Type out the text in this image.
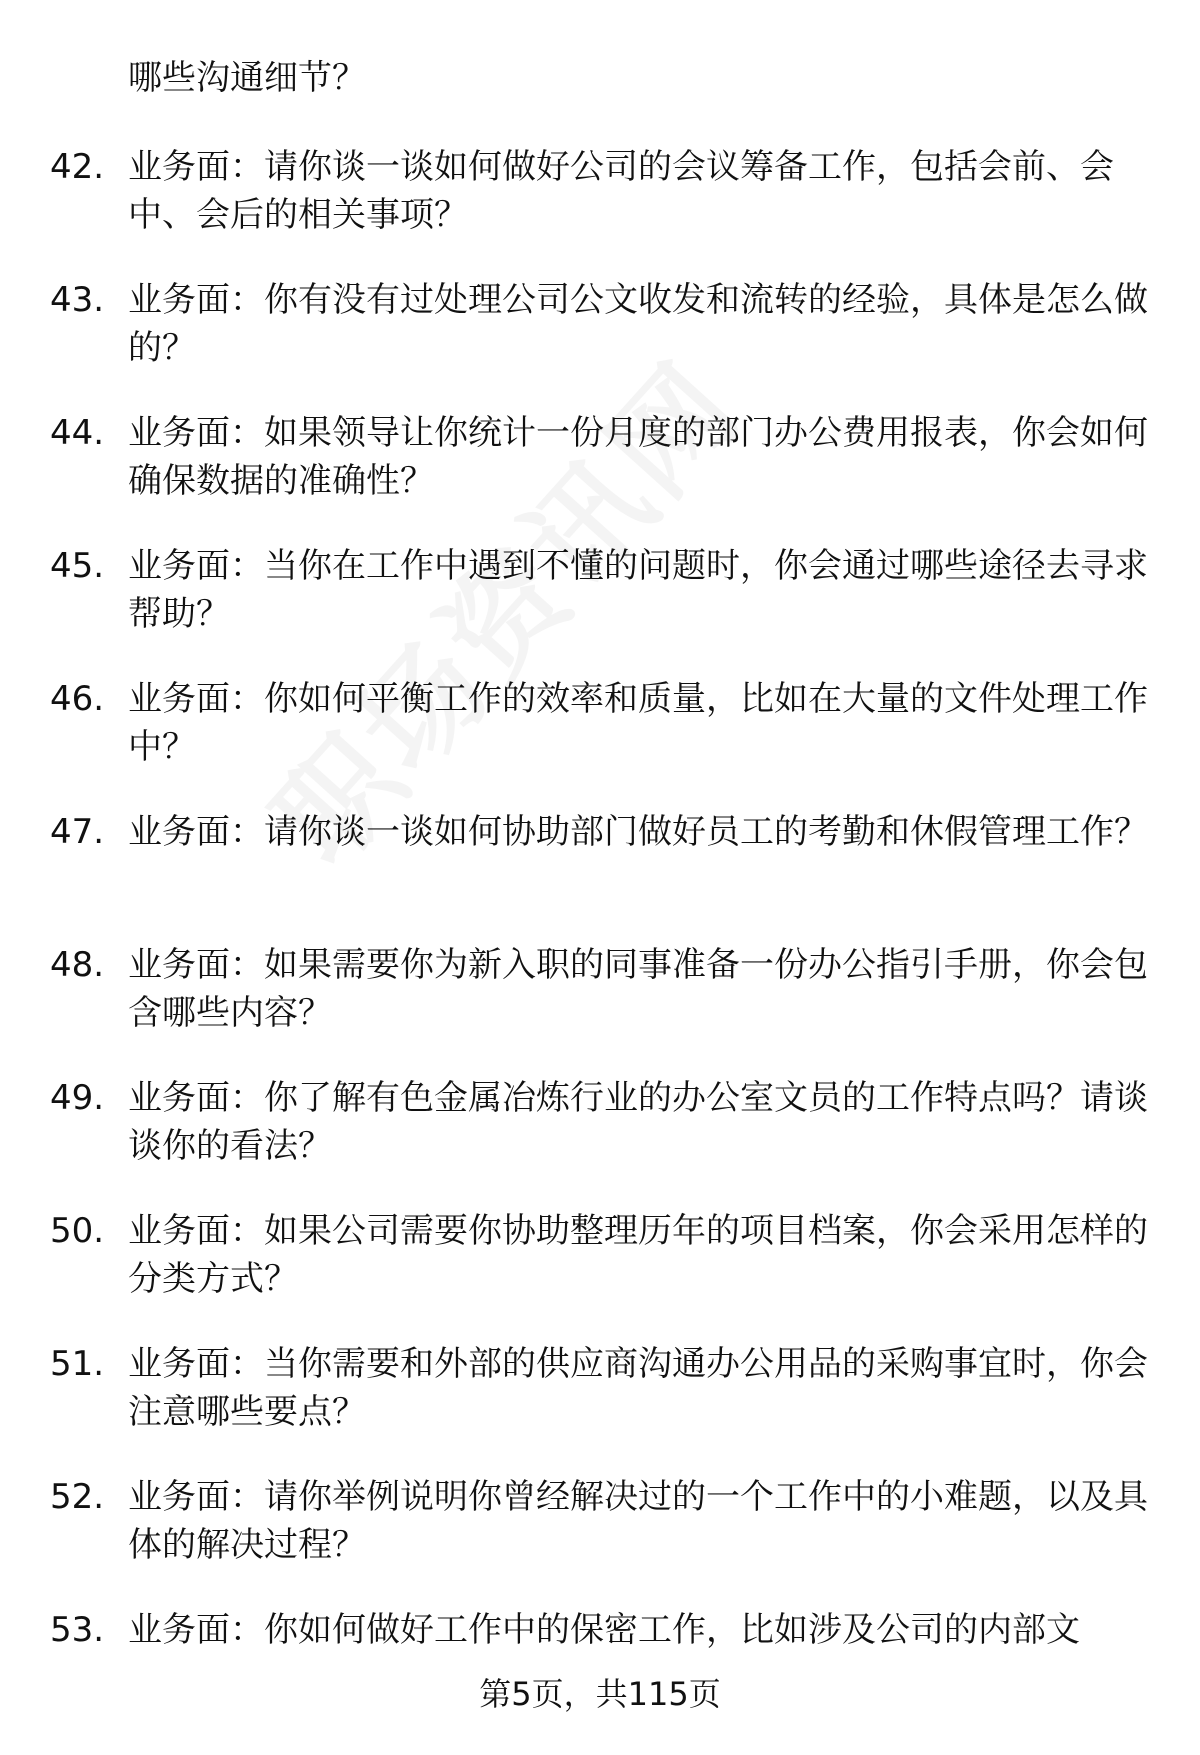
哪些沟通细节？
42. 业务面：请你谈一谈如何做好公司的会议筹备工作，包括会前、会中、会后的相关事项？
43. 业务面：你有没有过处理公司公文收发和流转的经验，具体是怎么做的？
44. 业务面：如果领导让你统计一份月度的部门办公费用报表，你会如何确保数据的准确性？
45. 业务面：当你在工作中遇到不懂的问题时，你会通过哪些途径去寻求帮助？
46. 业务面：你如何平衡工作的效率和质量，比如在大量的文件处理工作中？
47. 业务面：请你谈一谈如何协助部门做好员工的考勤和休假管理工作？
48. 业务面：如果需要你为新入职的同事准备一份办公指引手册，你会包含哪些内容？
49. 业务面：你了解有色金属冶炼行业的办公室文员的工作特点吗？请谈谈你的看法？
50. 业务面：如果公司需要你协助整理历年的项目档案，你会采用怎样的分类方式？
51. 业务面：当你需要和外部的供应商沟通办公用品的采购事宜时，你会注意哪些要点？
52. 业务面：请你举例说明你曾经解决过的一个工作中的小难题，以及具体的解决过程？
53. 业务面：你如何做好工作中的保密工作，比如涉及公司的内部文
第5页，共115页
